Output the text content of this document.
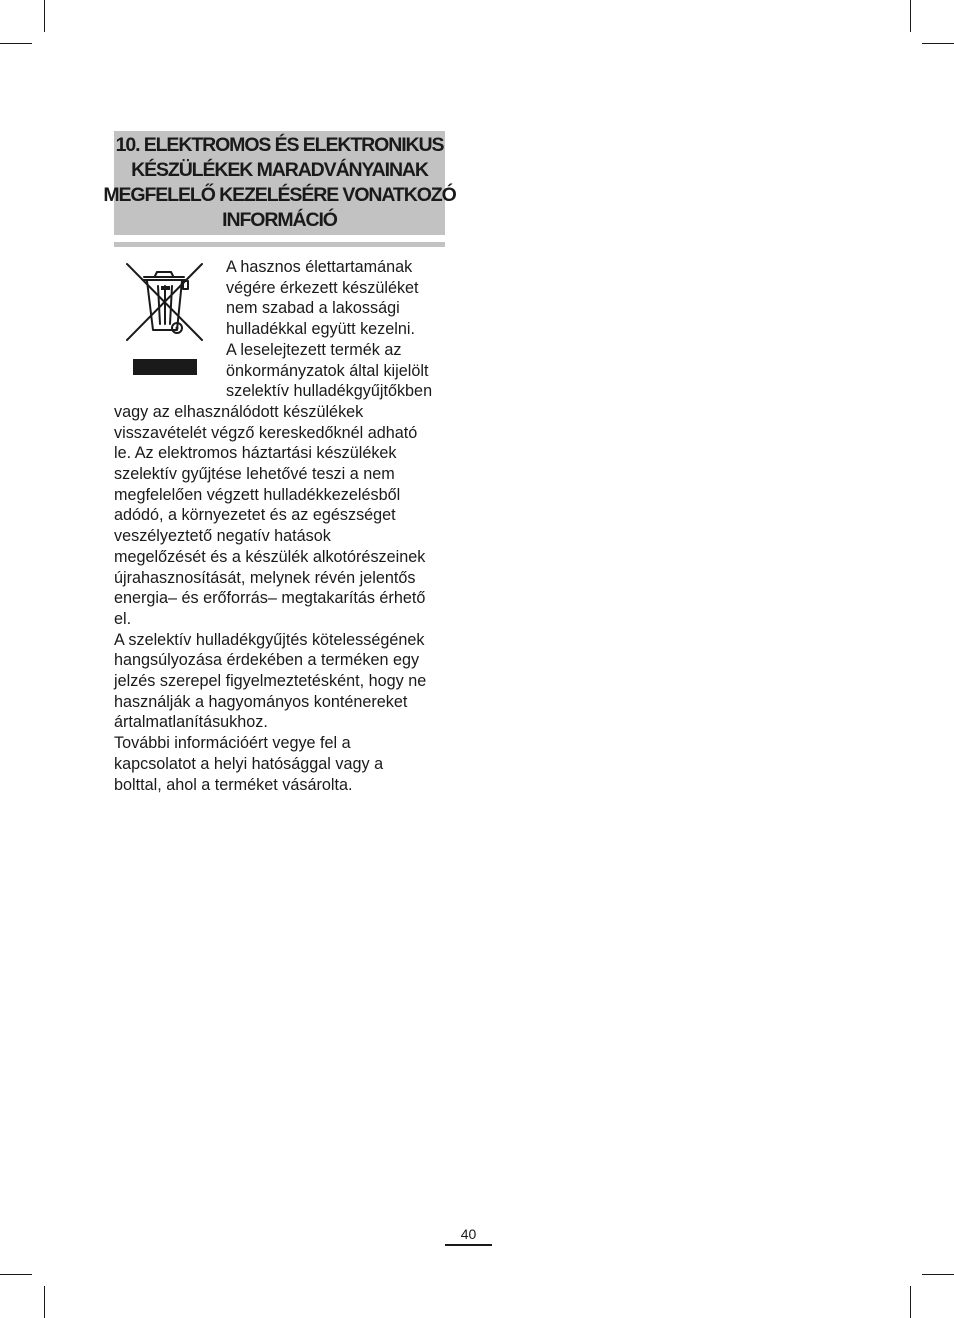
10. ELEKTROMOS ÉS ELEKTRONIKUS
KÉSZÜLÉKEK MARADVÁNYAINAK
MEGFELELŐ KEZELÉSÉRE VONATKOZÓ
INFORMÁCIÓ
A hasznos élettartamának
végére érkezett készüléket
nem szabad a lakossági
hulladékkal együtt kezelni.
A leselejtezett termék az
önkormányzatok által kijelölt
szelektív hulladékgyűjtőkben
vagy az elhasználódott készülékek
visszavételét végző kereskedőknél adható
le. Az elektromos háztartási készülékek
szelektív gyűjtése lehetővé teszi a nem
megfelelően végzett hulladékkezelésből
adódó, a környezetet és az egészséget
veszélyeztető negatív hatások
megelőzését és a készülék alkotórészeinek
újrahasznosítását, melynek révén jelentős
energia– és erőforrás– megtakarítás érhető
el.
A szelektív hulladékgyűjtés kötelességének
hangsúlyozása érdekében a terméken egy
jelzés szerepel figyelmeztetésként, hogy ne
használják a hagyományos konténereket
ártalmatlanításukhoz.
További információért vegye fel a
kapcsolatot a helyi hatósággal vagy a
bolttal, ahol a terméket vásárolta.
40
